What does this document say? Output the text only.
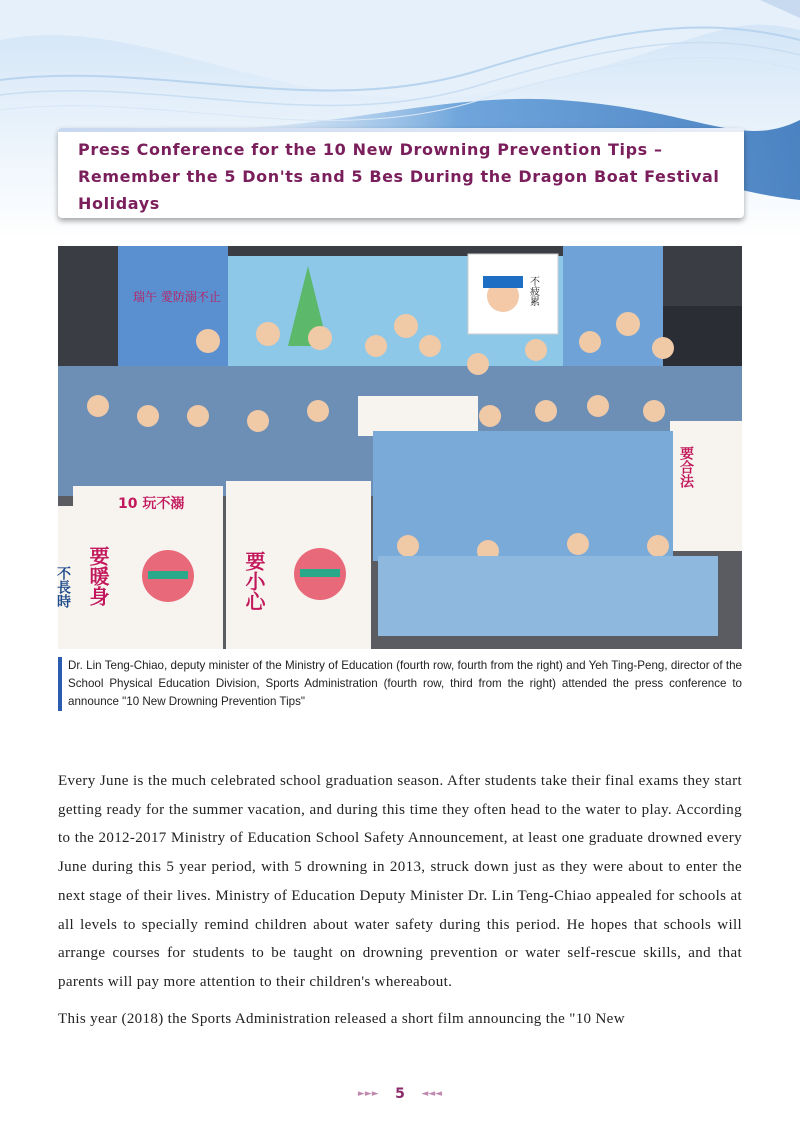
Press Conference for the 10 New Drowning Prevention Tips – Remember the 5 Don'ts and 5 Bes During the Dragon Boat Festival Holidays
瑞午 愛防溺不止	不疲累
10 玩不溺
要暖身	要小心
要合法
不長時

Dr. Lin Teng-Chiao, deputy minister of the Ministry of Education (fourth row, fourth from the right) and Yeh Ting-Peng, director of the School Physical Education Division, Sports Administration (fourth row, third from the right) attended the press conference to announce "10 New Drowning Prevention Tips"

Every June is the much celebrated school graduation season. After students take their final exams they start getting ready for the summer vacation, and during this time they often head to the water to play. According to the 2012-2017 Ministry of Education School Safety Announcement, at least one graduate drowned every June during this 5 year period, with 5 drowning in 2013, struck down just as they were about to enter the next stage of their lives. Ministry of Education Deputy Minister Dr. Lin Teng-Chiao appealed for schools at all levels to specially remind children about water safety during this period. He hopes that schools will arrange courses for students to be taught on drowning prevention or water self-rescue skills, and that parents will pay more attention to their children's whereabout.

This year (2018) the Sports Administration released a short film announcing the "10 New

►►► 5 ◄◄◄
